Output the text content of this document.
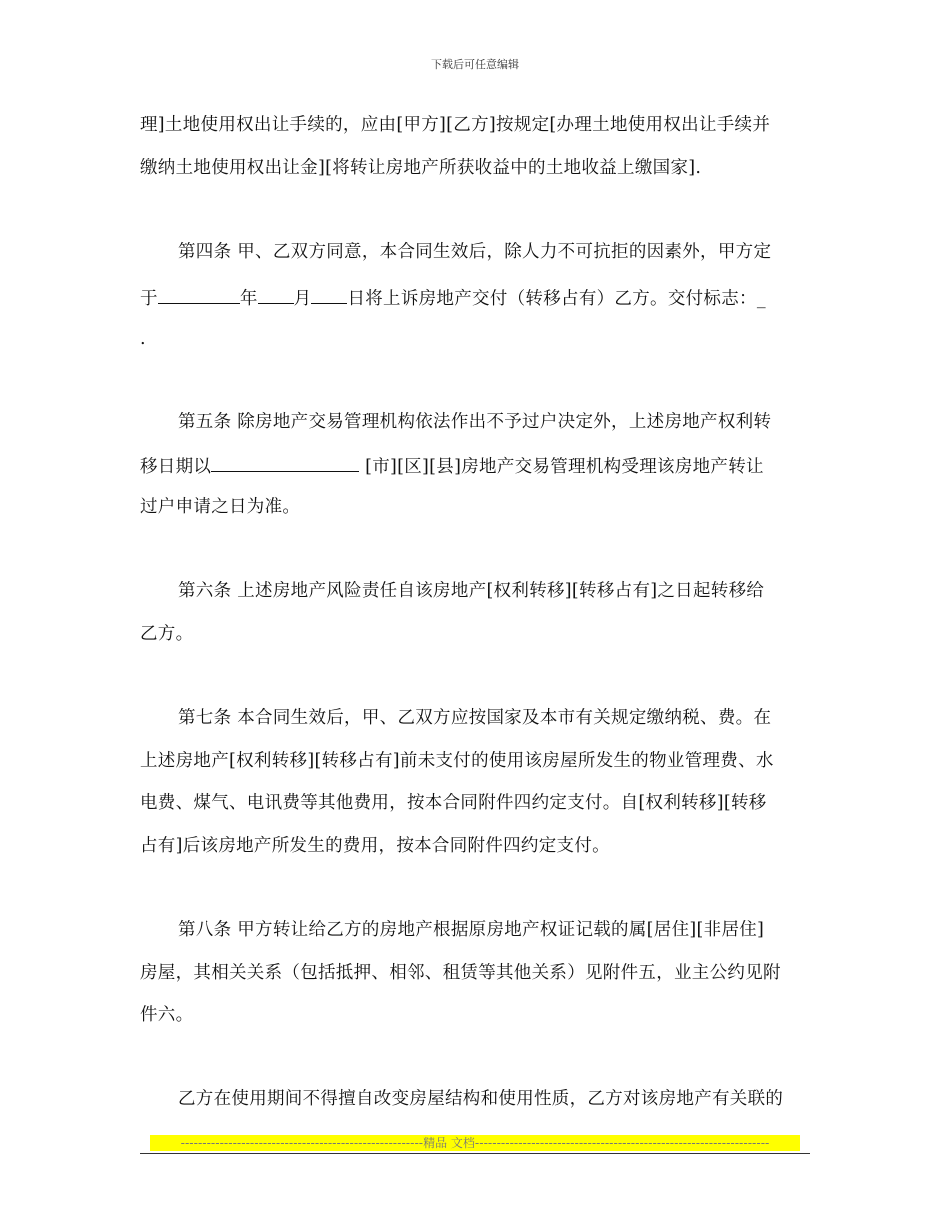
下载后可任意编辑
理]土地使用权出让手续的，应由[甲方][乙方]按规定[办理土地使用权出让手续并
缴纳土地使用权出让金][将转让房地产所获收益中的土地收益上缴国家].
第四条 甲、乙双方同意，本合同生效后，除人力不可抗拒的因素外，甲方定
于	年 月 日将上诉房地产交付（转移占有）乙方。交付标志：_
.
第五条 除房地产交易管理机构依法作出不予过户决定外，上述房地产权利转
移日期以	[市][区][县]房地产交易管理机构受理该房地产转让
过户申请之日为准。
第六条 上述房地产风险责任自该房地产[权利转移][转移占有]之日起转移给
乙方。
第七条 本合同生效后，甲、乙双方应按国家及本市有关规定缴纳税、费。在
上述房地产[权利转移][转移占有]前未支付的使用该房屋所发生的物业管理费、水
电费、煤气、电讯费等其他费用，按本合同附件四约定支付。自[权利转移][转移
占有]后该房地产所发生的费用，按本合同附件四约定支付。
第八条 甲方转让给乙方的房地产根据原房地产权证记载的属[居住][非居住]
房屋，其相关关系（包括抵押、相邻、租赁等其他关系）见附件五，业主公约见附
件六。
乙方在使用期间不得擅自改变房屋结构和使用性质，乙方对该房地产有关联的
--------------------------------------------------------精品 文档--------------------------------------------------------------------
